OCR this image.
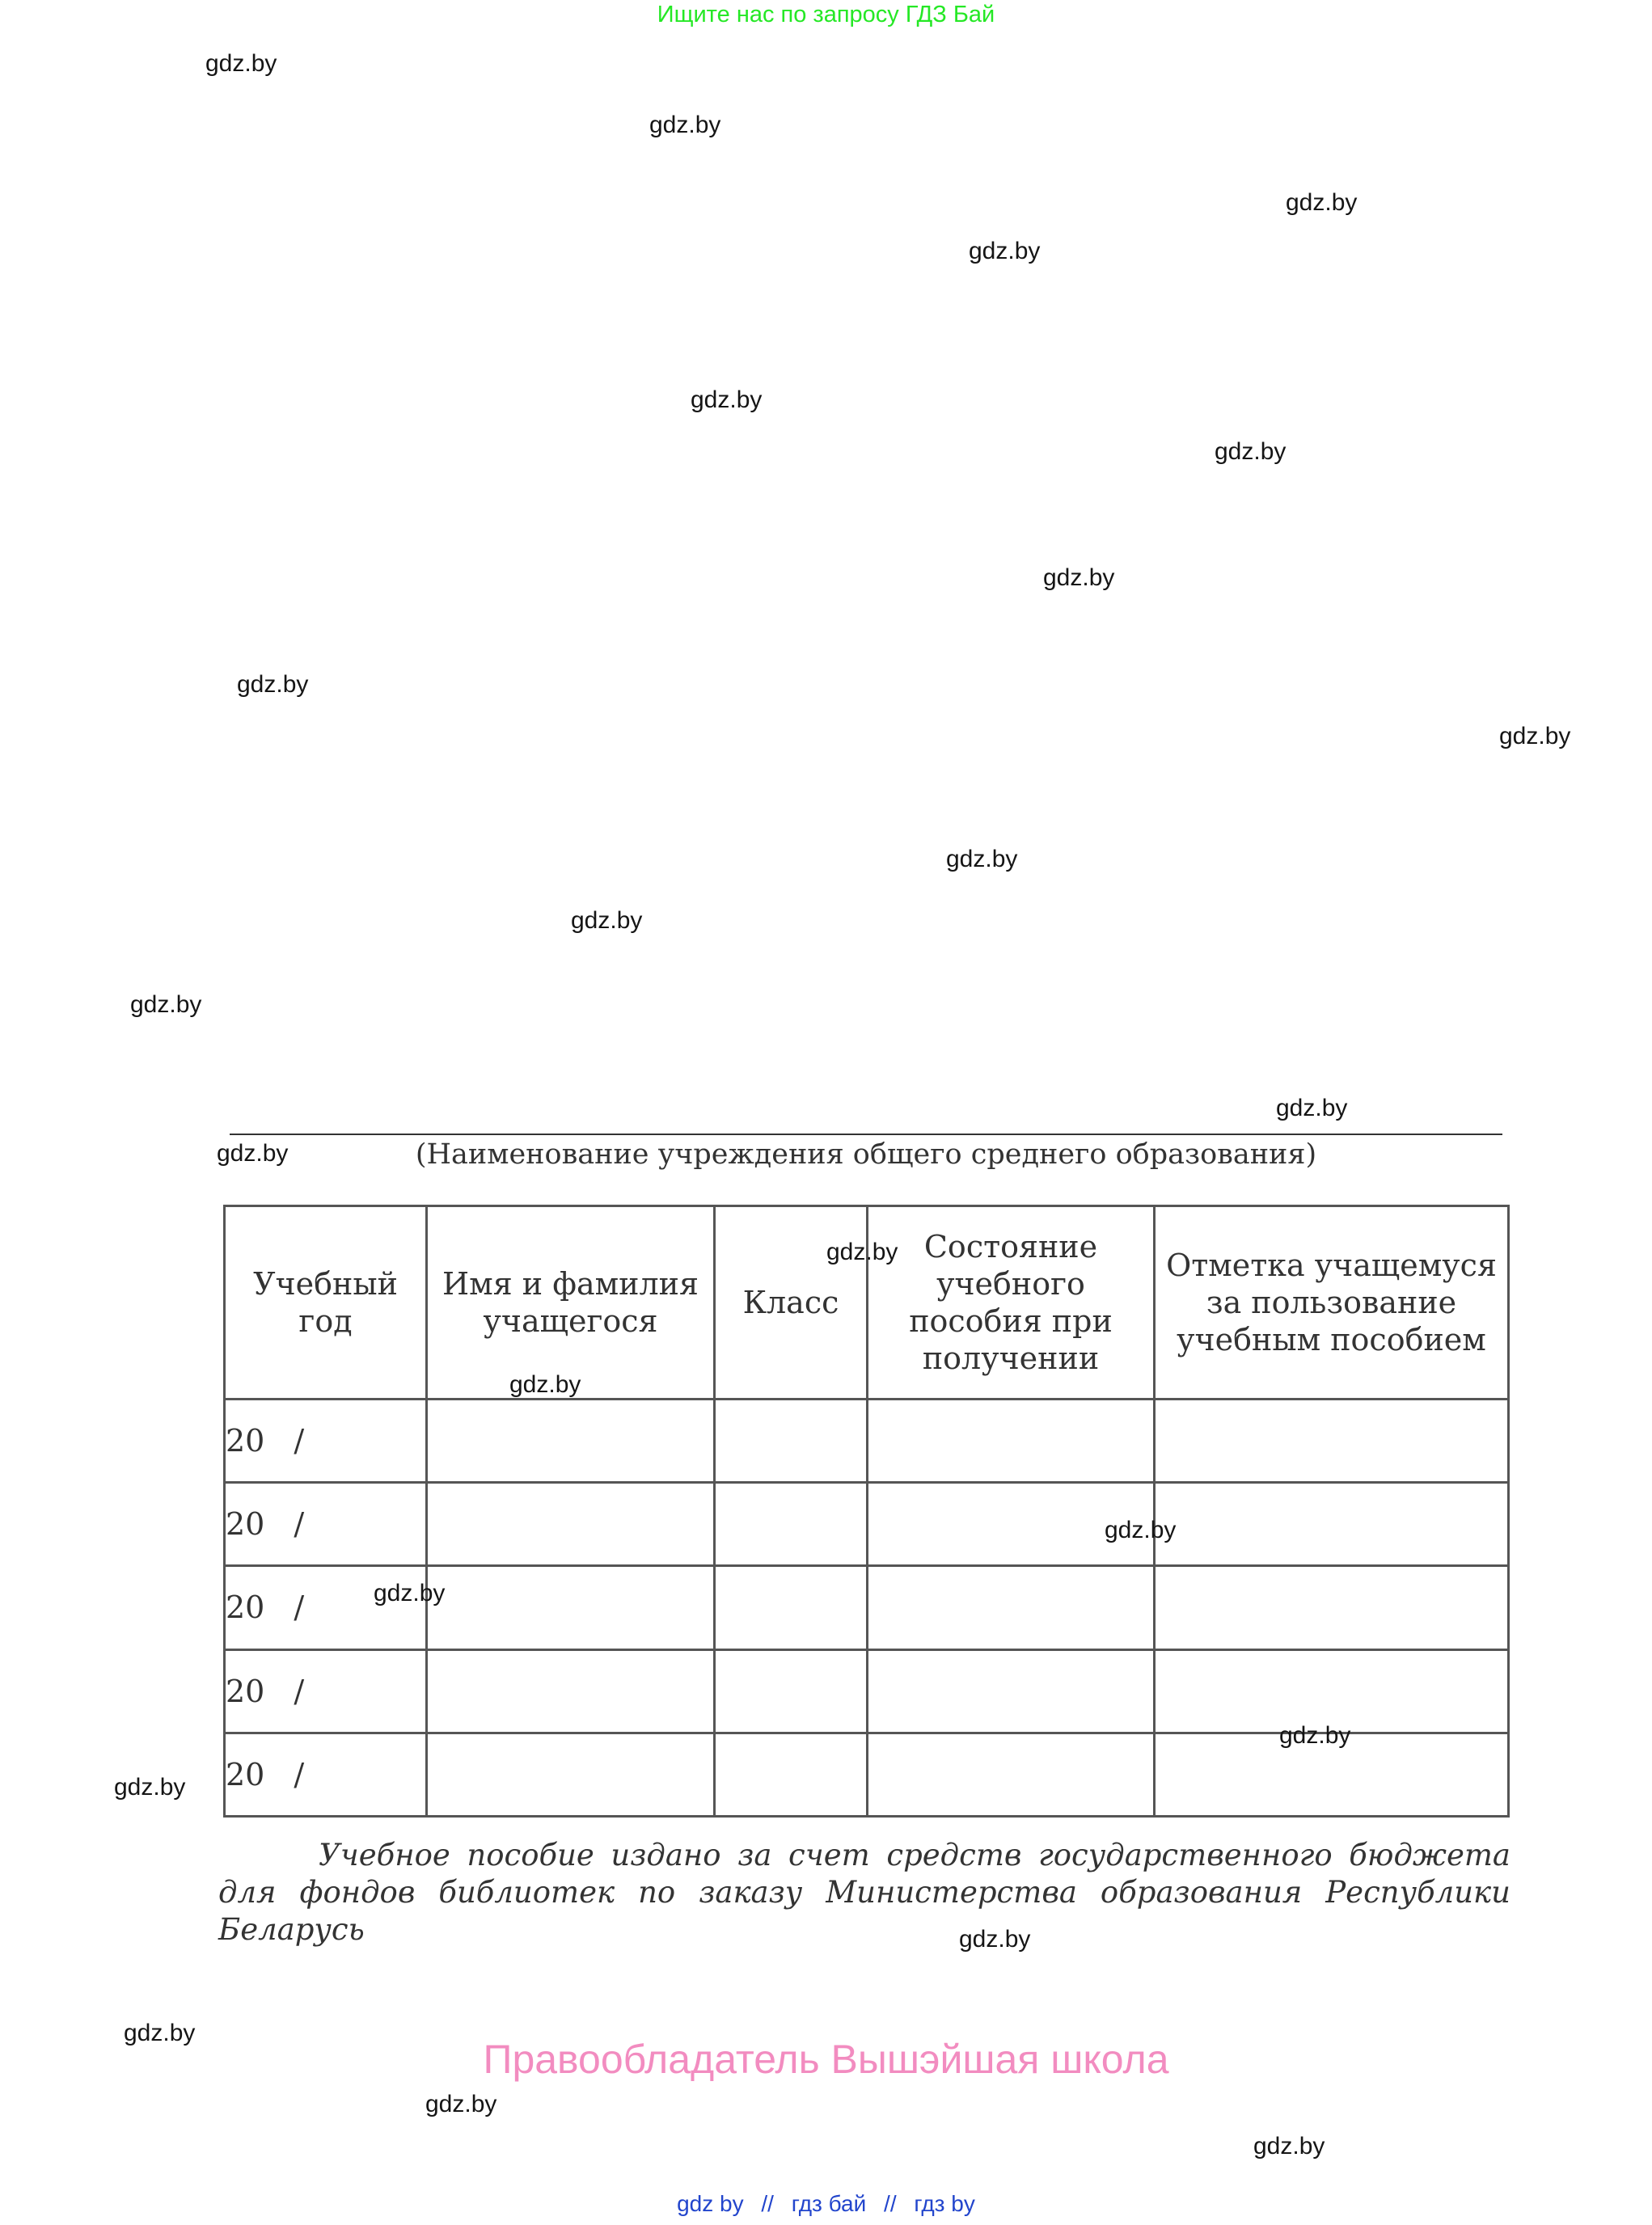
Ищите нас по запросу ГДЗ Бай
gdz.by
gdz.by
gdz.by
gdz.by
gdz.by
gdz.by
gdz.by
gdz.by
gdz.by
gdz.by
gdz.by
gdz.by
gdz.by
gdz.by	(Наименование учреждения общего среднего образования)
Учебный год	Имя и фамилия учащегося	Класс	Состояние учебного пособия при получении	Отметка учащемуся за пользование учебным пособием
20 /				
20 /				
20 /				
20 /				
20 /				
gdz.by
gdz.by
gdz.by
gdz.by
gdz.by
gdz.by
Учебное пособие издано за счет средств государственного бюджета для фондов библиотек по заказу Министерства образования Республики Беларусь	gdz.by
gdz.by
Правообладатель Вышэйшая школа
gdz.by
gdz.by
gdz by // гдз бай // гдз by
